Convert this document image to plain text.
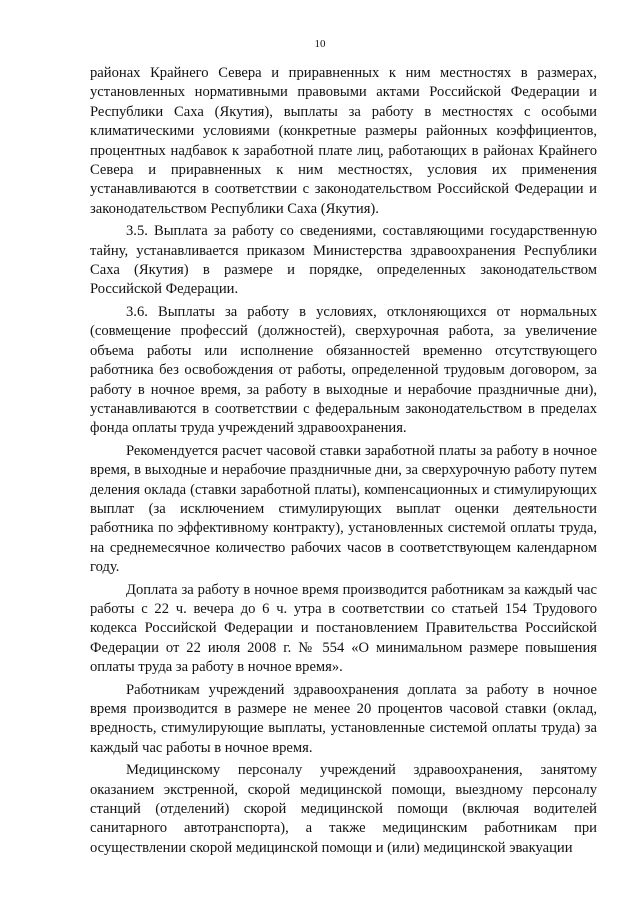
10

районах Крайнего Севера и приравненных к ним местностях в размерах, установленных нормативными правовыми актами Российской Федерации и Республики Саха (Якутия), выплаты за работу в местностях с особыми климатическими условиями (конкретные размеры районных коэффициентов, процентных надбавок к заработной плате лиц, работающих в районах Крайнего Севера и приравненных к ним местностях, условия их применения устанавливаются в соответствии с законодательством Российской Федерации и законодательством Республики Саха (Якутия).

3.5. Выплата за работу со сведениями, составляющими государственную тайну, устанавливается приказом Министерства здравоохранения Республики Саха (Якутия) в размере и порядке, определенных законодательством Российской Федерации.

3.6. Выплаты за работу в условиях, отклоняющихся от нормальных (совмещение профессий (должностей), сверхурочная работа, за увеличение объема работы или исполнение обязанностей временно отсутствующего работника без освобождения от работы, определенной трудовым договором, за работу в ночное время, за работу в выходные и нерабочие праздничные дни), устанавливаются в соответствии с федеральным законодательством в пределах фонда оплаты труда учреждений здравоохранения.

Рекомендуется расчет часовой ставки заработной платы за работу в ночное время, в выходные и нерабочие праздничные дни, за сверхурочную работу путем деления оклада (ставки заработной платы), компенсационных и стимулирующих выплат (за исключением стимулирующих выплат оценки деятельности работника по эффективному контракту), установленных системой оплаты труда, на среднемесячное количество рабочих часов в соответствующем календарном году.

Доплата за работу в ночное время производится работникам за каждый час работы с 22 ч. вечера до 6 ч. утра в соответствии со статьей 154 Трудового кодекса Российской Федерации и постановлением Правительства Российской Федерации от 22 июля 2008 г. № 554 «О минимальном размере повышения оплаты труда за работу в ночное время».

Работникам учреждений здравоохранения доплата за работу в ночное время производится в размере не менее 20 процентов часовой ставки (оклад, вредность, стимулирующие выплаты, установленные системой оплаты труда) за каждый час работы в ночное время.

Медицинскому персоналу учреждений здравоохранения, занятому оказанием экстренной, скорой медицинской помощи, выездному персоналу станций (отделений) скорой медицинской помощи (включая водителей санитарного автотранспорта), а также медицинским работникам при осуществлении скорой медицинской помощи и (или) медицинской эвакуации
